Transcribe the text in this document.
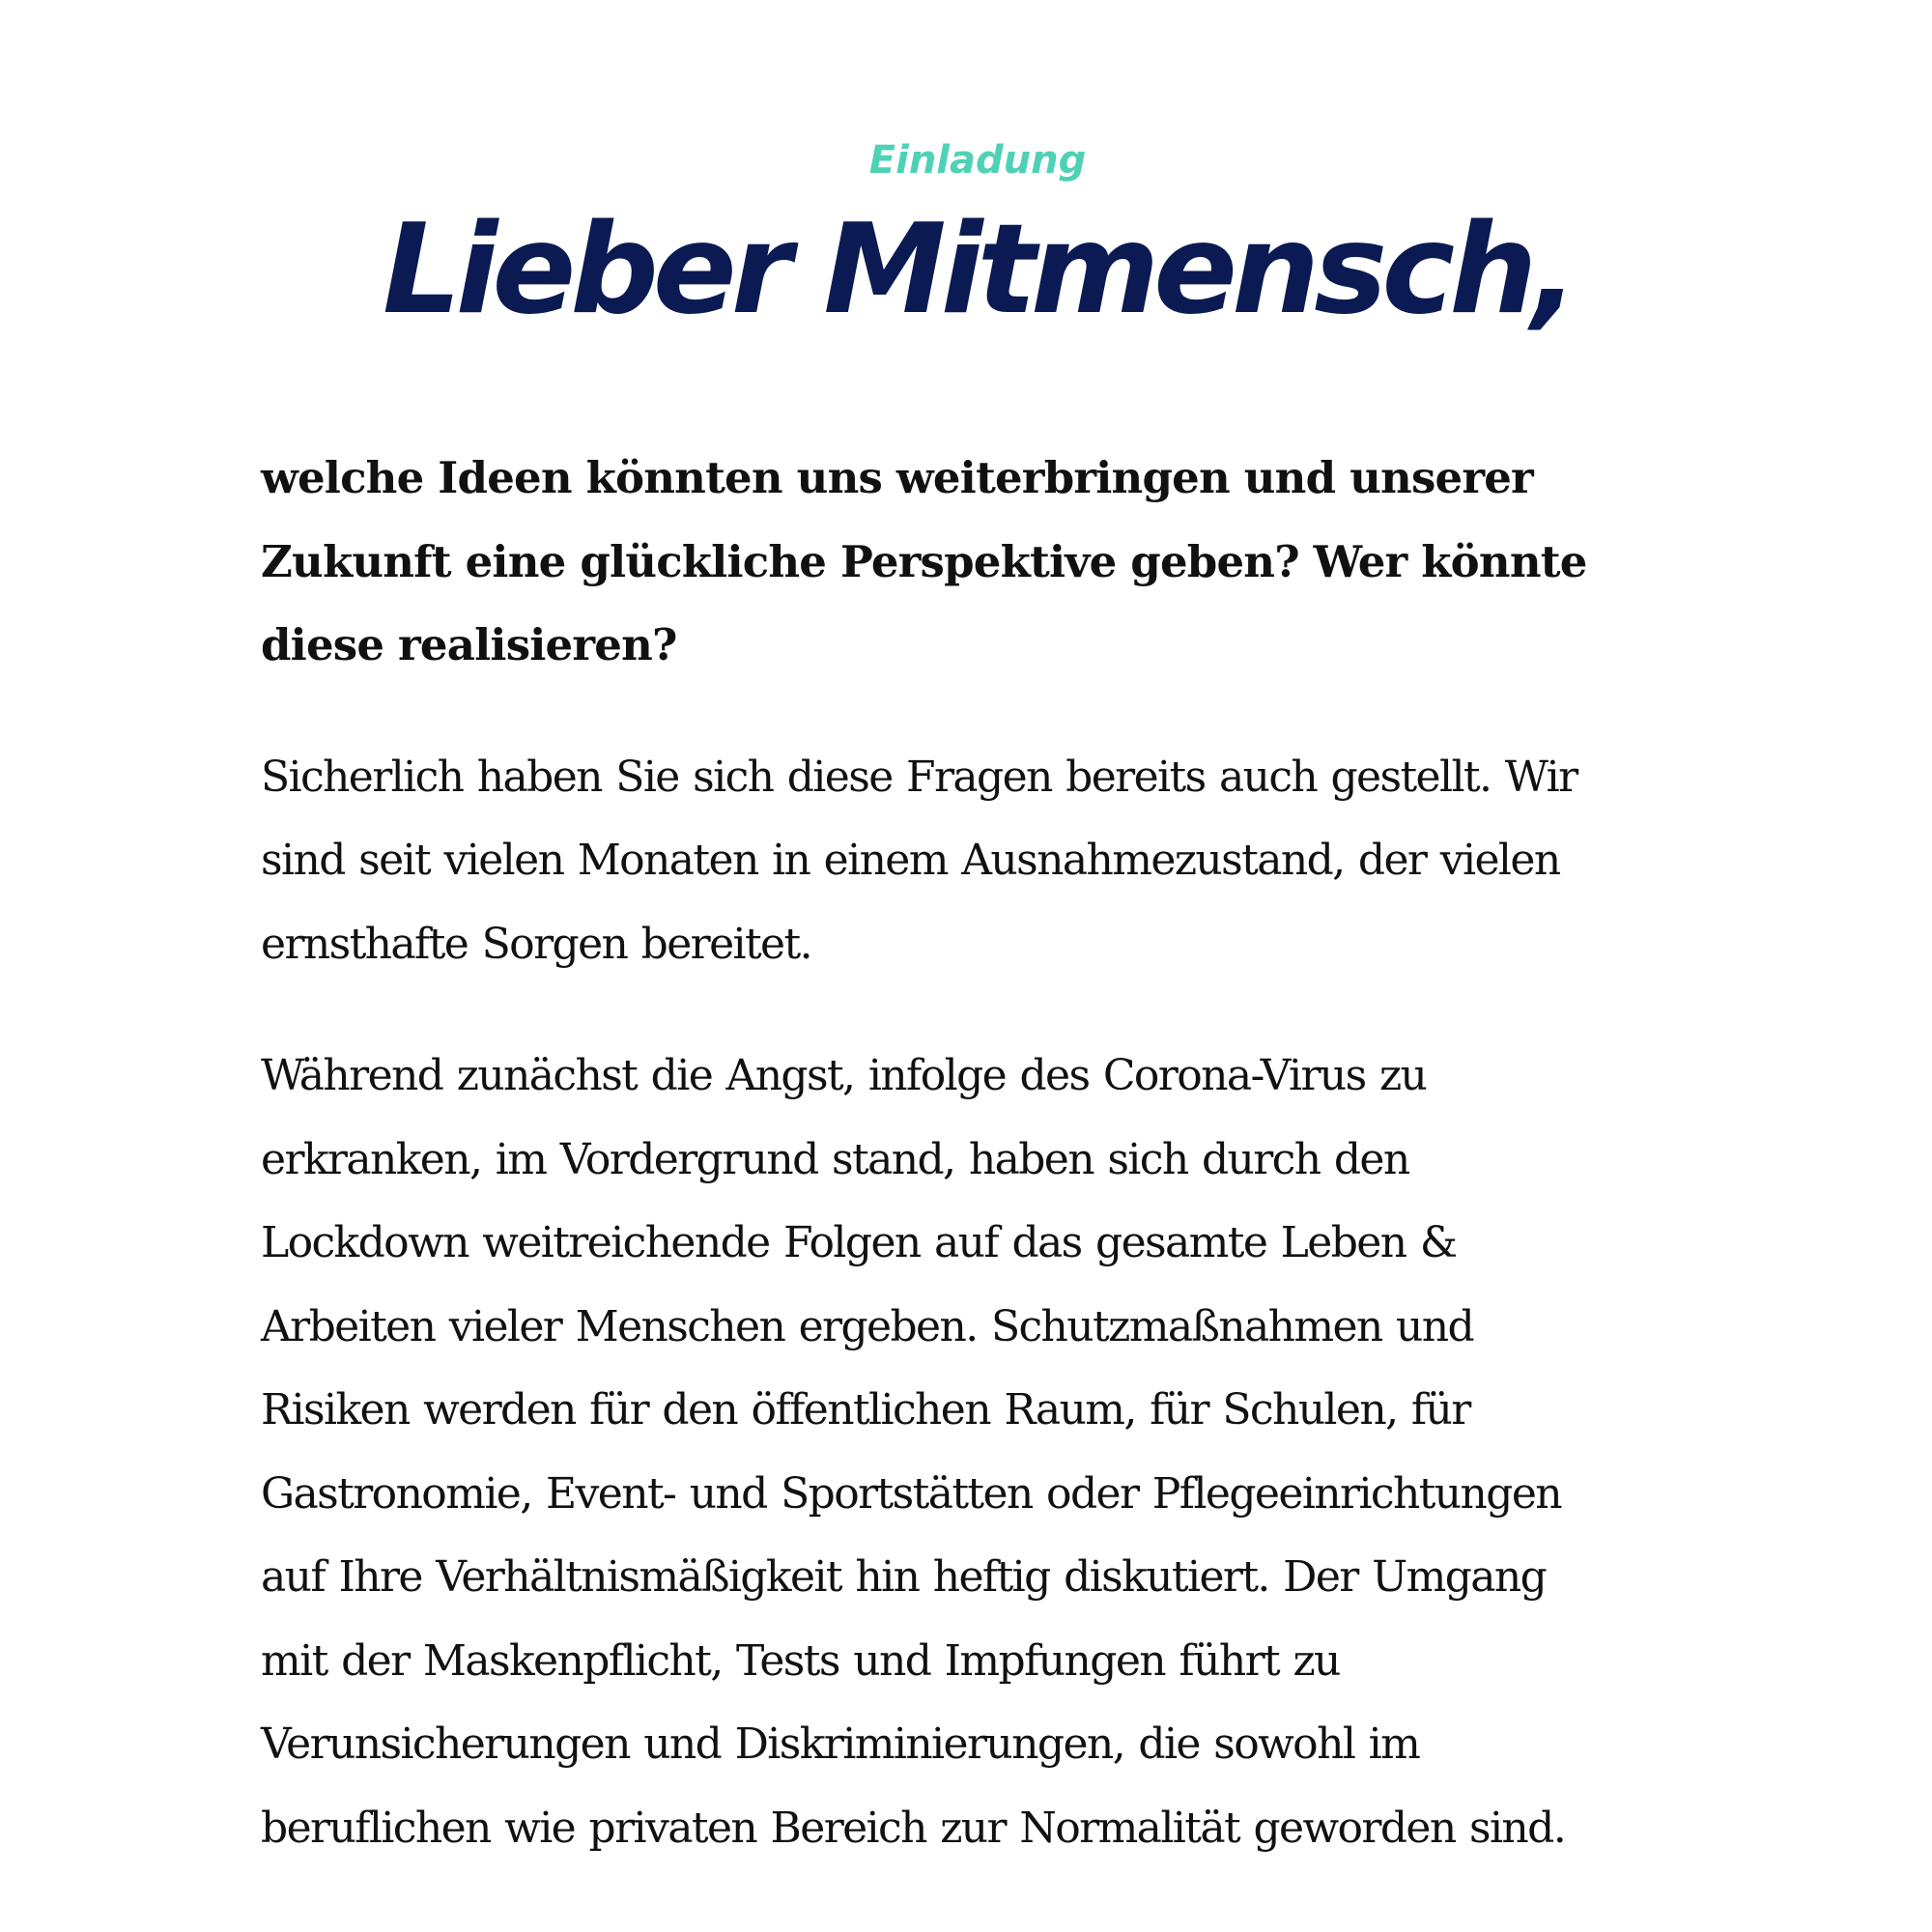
Einladung
Lieber Mitmensch,

welche Ideen könnten uns weiterbringen und unserer
Zukunft eine glückliche Perspektive geben? Wer könnte
diese realisieren?

Sicherlich haben Sie sich diese Fragen bereits auch gestellt. Wir
sind seit vielen Monaten in einem Ausnahmezustand, der vielen
ernsthafte Sorgen bereitet.

Während zunächst die Angst, infolge des Corona-Virus zu
erkranken, im Vordergrund stand, haben sich durch den
Lockdown weitreichende Folgen auf das gesamte Leben &
Arbeiten vieler Menschen ergeben. Schutzmaßnahmen und
Risiken werden für den öffentlichen Raum, für Schulen, für
Gastronomie, Event- und Sportstätten oder Pflegeeinrichtungen
auf Ihre Verhältnismäßigkeit hin heftig diskutiert. Der Umgang
mit der Maskenpflicht, Tests und Impfungen führt zu
Verunsicherungen und Diskriminierungen, die sowohl im
beruflichen wie privaten Bereich zur Normalität geworden sind.
